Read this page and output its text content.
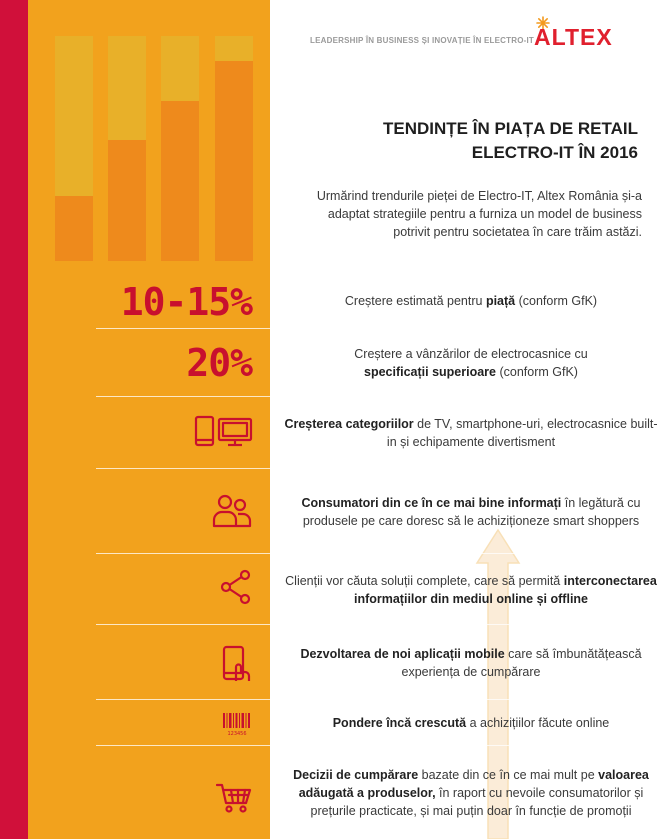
LEADERSHIP ÎN BUSINESS ȘI INOVAȚIE ÎN ELECTRO-IT ALTEX
TENDINȚE ÎN PIAȚA DE RETAIL
ELECTRO-IT ÎN 2016

Urmărind trendurile pieței de Electro-IT, Altex România și-a adaptat strategiile pentru a furniza un model de business potrivit pentru societatea în care trăim astăzi.

10-15%	Creștere estimată pentru piață (conform GfK)

20%	Creștere a vânzărilor de electrocasnice cu
specificații superioare (conform GfK)

Creșterea categoriilor de TV, smartphone-uri, electrocasnice built-in și echipamente divertisment

Consumatori din ce în ce mai bine informați în legătură cu produsele pe care doresc să le achiziționeze smart shoppers

Clienții vor căuta soluții complete, care să permită interconectarea informațiilor din mediul online și offline

Dezvoltarea de noi aplicații mobile care să îmbunătățească experiența de cumpărare

123456

Pondere încă crescută a achizițiilor făcute online

Decizii de cumpărare bazate din ce în ce mai mult pe valoarea adăugată a produselor, în raport cu nevoile consumatorilor și prețurile practicate, și mai puțin doar în funcție de promoții
